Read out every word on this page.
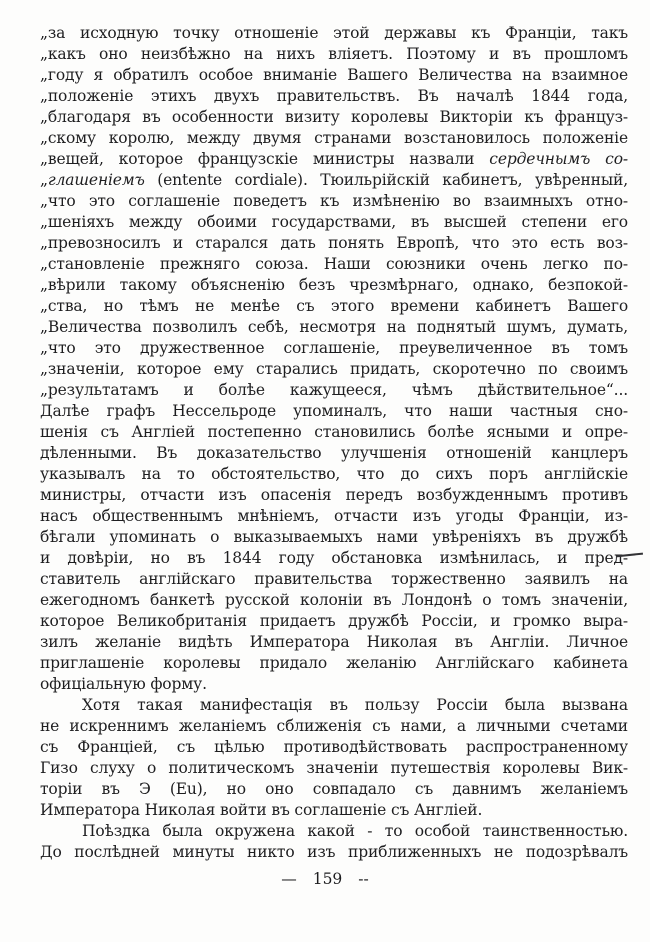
„за исходную точку отношеніе этой державы къ Франціи, такъ
„какъ оно неизбѣжно на нихъ вліяетъ. Поэтому и въ прошломъ
„году я обратилъ особое вниманіе Вашего Величества на взаимное
„положеніе этихъ двухъ правительствъ. Въ началѣ 1844 года,
„благодаря въ особенности визиту королевы Викторіи къ француз-
„скому королю, между двумя странами возстановилось положеніе
„вещей, которое французскіе министры назвали сердечнымъ со-
„глашеніемъ (entente cordiale). Тюильрійскій кабинетъ, увѣренный,
„что это соглашеніе поведетъ къ измѣненію во взаимныхъ отно-
„шеніяхъ между обоими государствами, въ высшей степени его
„превозносилъ и старался дать понять Европѣ, что это есть воз-
„становленіе прежняго союза. Наши союзники очень легко по-
„вѣрили такому объясненію безъ чрезмѣрнаго, однако, безпокой-
„ства, но тѣмъ не менѣе съ этого времени кабинетъ Вашего
„Величества позволилъ себѣ, несмотря на поднятый шумъ, думать,
„что это дружественное соглашеніе, преувеличенное въ томъ
„значеніи, которое ему старались придать, скоротечно по своимъ
„результатамъ и болѣе кажущееся, чѣмъ дѣйствительное“...
Далѣе графъ Нессельроде упоминалъ, что наши частныя сно-
шенія съ Англіей постепенно становились болѣе ясными и опре-
дѣленными. Въ доказательство улучшенія отношеній канцлеръ
указывалъ на то обстоятельство, что до сихъ поръ англійскіе
министры, отчасти изъ опасенія передъ возбужденнымъ противъ
насъ общественнымъ мнѣніемъ, отчасти изъ угоды Франціи, из-
бѣгали упоминать о выказываемыхъ нами увѣреніяхъ въ дружбѣ
и довѣріи, но въ 1844 году обстановка измѣнилась, и пред-
ставитель англійскаго правительства торжественно заявилъ на
ежегодномъ банкетѣ русской колоніи въ Лондонѣ о томъ значеніи,
которое Великобританія придаетъ дружбѣ Россіи, и громко выра-
зилъ желаніе видѣть Императора Николая въ Англіи. Личное
приглашеніе королевы придало желанію Англійскаго кабинета
офиціальную форму.
Хотя такая манифестація въ пользу Россіи была вызвана
не искреннимъ желаніемъ сближенія съ нами, а личными счетами
съ Франціей, съ цѣлью противодѣйствовать распространенному
Гизо слуху о политическомъ значеніи путешествія королевы Вик-
торіи въ Э (Eu), но оно совпадало съ давнимъ желаніемъ
Императора Николая войти въ соглашеніе съ Англіей.
Поѣздка была окружена какой - то особой таинственностью.
До послѣдней минуты никто изъ приближенныхъ не подозрѣвалъ
— 159 --
